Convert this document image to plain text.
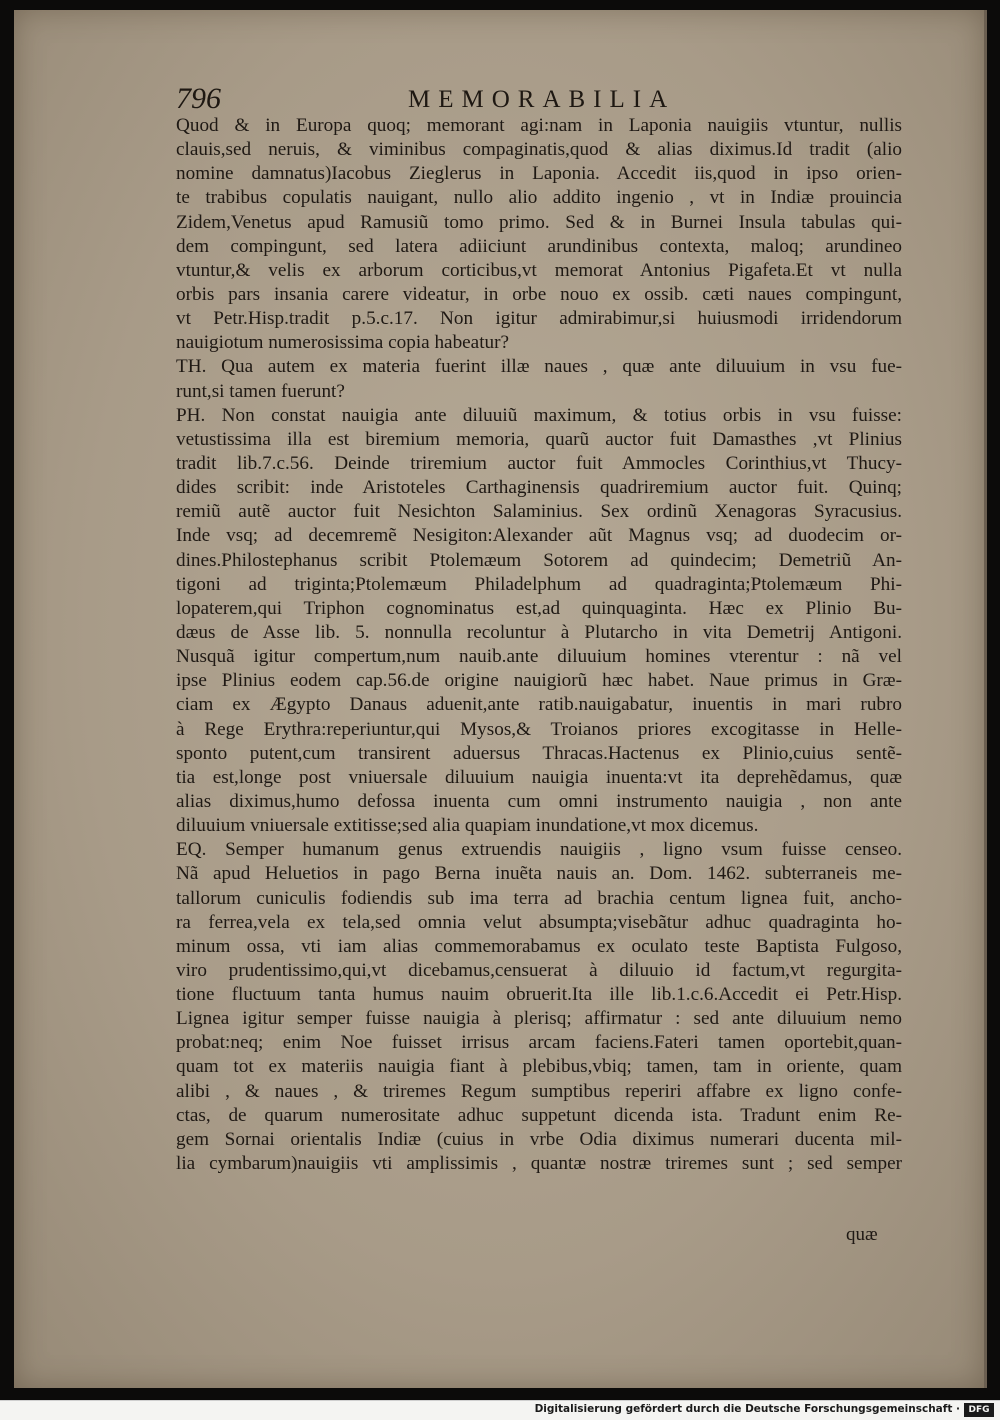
796	MEMORABILIA
Quod & in Europa quoq; memorant agi:nam in Laponia nauigiis vtuntur, nullis
clauis,sed neruis, & viminibus compaginatis,quod & alias diximus.Id tradit (alio
nomine damnatus)Iacobus Zieglerus in Laponia. Accedit iis,quod in ipso orien-
te trabibus copulatis nauigant, nullo alio addito ingenio , vt in Indiæ prouincia
Zidem,Venetus apud Ramusiũ tomo primo. Sed & in Burnei Insula tabulas qui-
dem compingunt, sed latera adiiciunt arundinibus contexta, maloq; arundineo
vtuntur,& velis ex arborum corticibus,vt memorat Antonius Pigafeta.Et vt nulla
orbis pars insania carere videatur, in orbe nouo ex ossib. cæti naues compingunt,
vt Petr.Hisp.tradit p.5.c.17. Non igitur admirabimur,si huiusmodi irridendorum
nauigiotum numerosissima copia habeatur?
TH. Qua autem ex materia fuerint illæ naues , quæ ante diluuium in vsu fue-
runt,si tamen fuerunt?
PH. Non constat nauigia ante diluuiũ maximum, & totius orbis in vsu fuisse:
vetustissima illa est biremium memoria, quarũ auctor fuit Damasthes ,vt Plinius
tradit lib.7.c.56. Deinde triremium auctor fuit Ammocles Corinthius,vt Thucy-
dides scribit: inde Aristoteles Carthaginensis quadriremium auctor fuit. Quinq;
remiũ autẽ auctor fuit Nesichton Salaminius. Sex ordinũ Xenagoras Syracusius.
Inde vsq; ad decemremẽ Nesigiton:Alexander aũt Magnus vsq; ad duodecim or-
dines.Philostephanus scribit Ptolemæum Sotorem ad quindecim; Demetriũ An-
tigoni ad triginta;Ptolemæum Philadelphum ad quadraginta;Ptolemæum Phi-
lopaterem,qui Triphon cognominatus est,ad quinquaginta. Hæc ex Plinio Bu-
dæus de Asse lib. 5. nonnulla recoluntur à Plutarcho in vita Demetrij Antigoni.
Nusquã igitur compertum,num nauib.ante diluuium homines vterentur : nã vel
ipse Plinius eodem cap.56.de origine nauigiorũ hæc habet. Naue primus in Græ-
ciam ex Ægypto Danaus aduenit,ante ratib.nauigabatur, inuentis in mari rubro
à Rege Erythra:reperiuntur,qui Mysos,& Troianos priores excogitasse in Helle-
sponto putent,cum transirent aduersus Thracas.Hactenus ex Plinio,cuius sentẽ-
tia est,longe post vniuersale diluuium nauigia inuenta:vt ita deprehẽdamus, quæ
alias diximus,humo defossa inuenta cum omni instrumento nauigia , non ante
diluuium vniuersale extitisse;sed alia quapiam inundatione,vt mox dicemus.
EQ. Semper humanum genus extruendis nauigiis , ligno vsum fuisse censeo.
Nã apud Heluetios in pago Berna inuẽta nauis an. Dom. 1462. subterraneis me-
tallorum cuniculis fodiendis sub ima terra ad brachia centum lignea fuit, ancho-
ra ferrea,vela ex tela,sed omnia velut absumpta;visebãtur adhuc quadraginta ho-
minum ossa, vti iam alias commemorabamus ex oculato teste Baptista Fulgoso,
viro prudentissimo,qui,vt dicebamus,censuerat à diluuio id factum,vt regurgita-
tione fluctuum tanta humus nauim obruerit.Ita ille lib.1.c.6.Accedit ei Petr.Hisp.
Lignea igitur semper fuisse nauigia à plerisq; affirmatur : sed ante diluuium nemo
probat:neq; enim Noe fuisset irrisus arcam faciens.Fateri tamen oportebit,quan-
quam tot ex materiis nauigia fiant à plebibus,vbiq; tamen, tam in oriente, quam
alibi , & naues , & triremes Regum sumptibus reperiri affabre ex ligno confe-
ctas, de quarum numerositate adhuc suppetunt dicenda ista. Tradunt enim Re-
gem Sornai orientalis Indiæ (cuius in vrbe Odia diximus numerari ducenta mil-
lia cymbarum)nauigiis vti amplissimis , quantæ nostræ triremes sunt ; sed semper
quæ
Digitalisierung gefördert durch die Deutsche Forschungsgemeinschaft · DFG
